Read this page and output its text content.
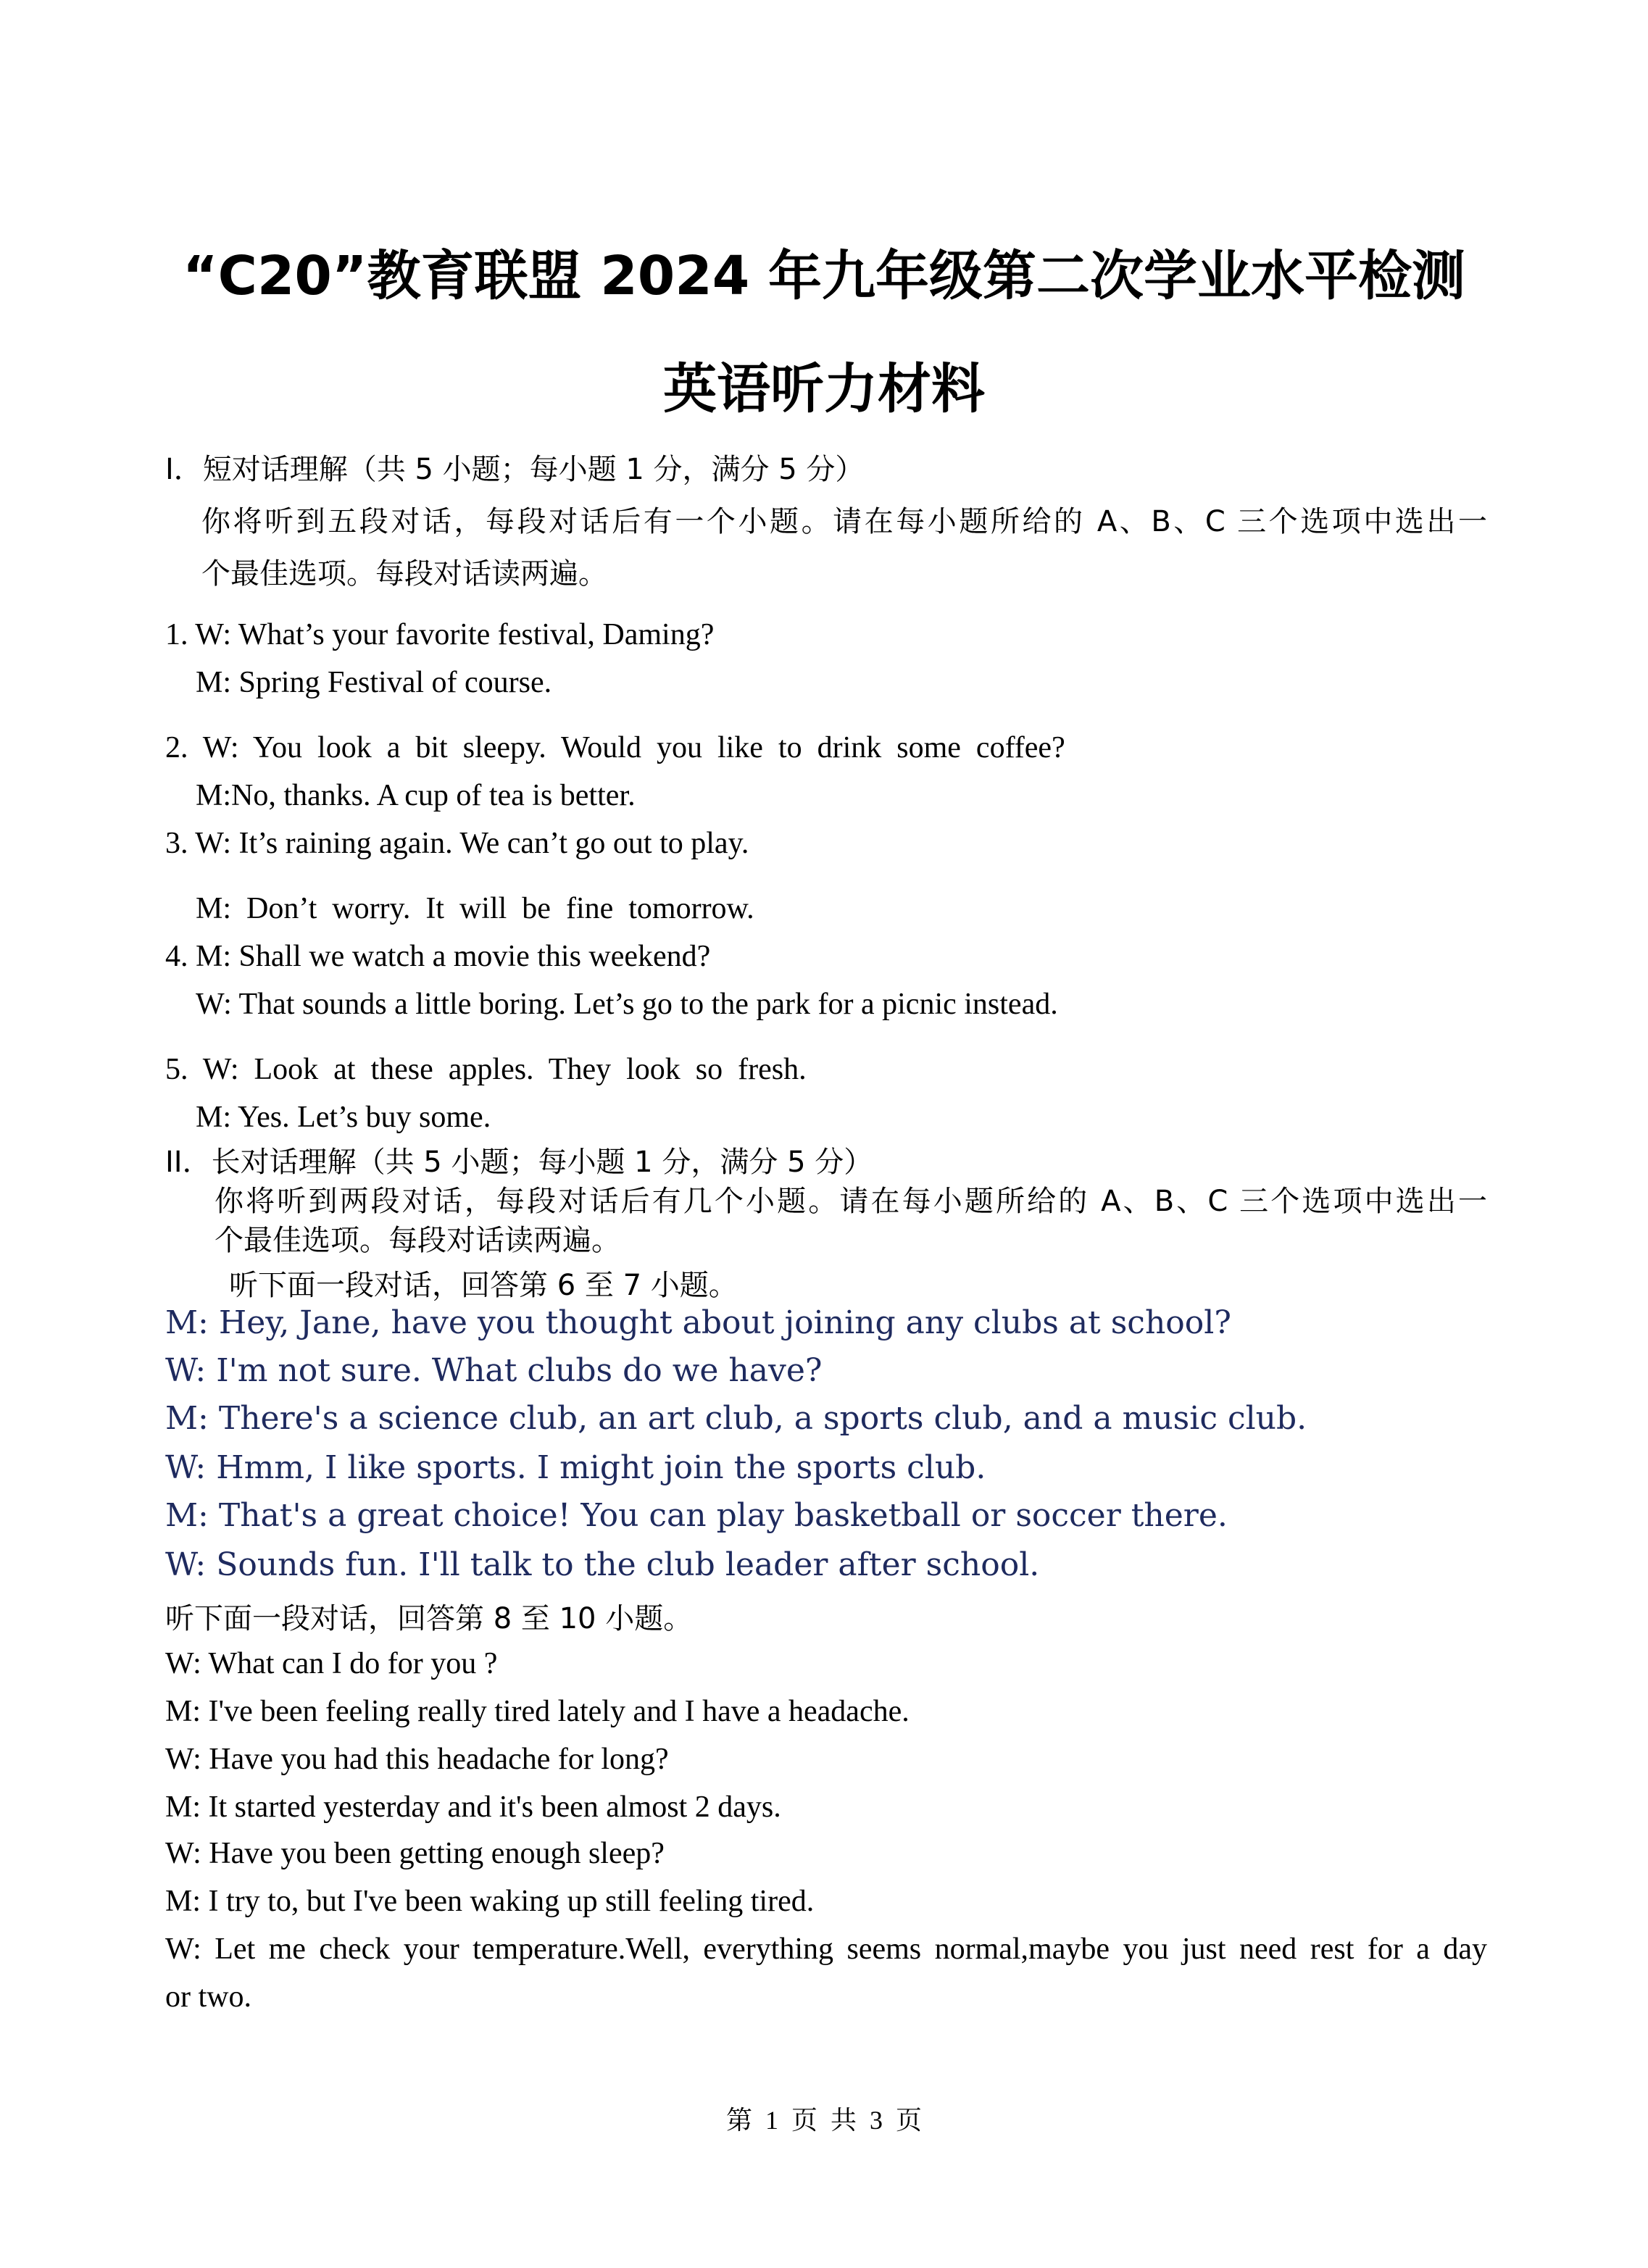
“C20”教育联盟 2024 年九年级第二次学业水平检测
英语听力材料
I．短对话理解（共 5 小题；每小题 1 分，满分 5 分）
你将听到五段对话，每段对话后有一个小题。请在每小题所给的 A、B、C 三个选项中选出一
个最佳选项。每段对话读两遍。
1. W: What’s your favorite festival, Daming?
M: Spring Festival of course.
2.  W:  You  look  a  bit  sleepy.  Would  you  like  to  drink  some  coffee?
M:No, thanks. A cup of tea is better.
3. W: It’s raining again. We can’t go out to play.
M:  Don’t  worry.  It  will  be  fine  tomorrow.
4. M: Shall we watch a movie this weekend?
W: That sounds a little boring. Let’s go to the park for a picnic instead.
5.  W:  Look  at  these  apples.  They  look  so  fresh.
M: Yes. Let’s buy some.
II．长对话理解（共 5 小题；每小题 1 分，满分 5 分）
你将听到两段对话，每段对话后有几个小题。请在每小题所给的 A、B、C 三个选项中选出一
个最佳选项。每段对话读两遍。
听下面一段对话，回答第 6 至 7 小题。
M: Hey, Jane, have you thought about joining any clubs at school?
W: I'm not sure. What clubs do we have?
M: There's a science club, an art club, a sports club, and a music club.
W: Hmm, I like sports. I might join the sports club.
M: That's a great choice! You can play basketball or soccer there.
W: Sounds fun. I'll talk to the club leader after school.
听下面一段对话，回答第 8 至 10 小题。
W: What can I do for you ?
M: I've been feeling really tired lately and I have a headache.
W: Have you had this headache for long?
M: It started yesterday and it's been almost 2 days.
W: Have you been getting enough sleep?
M: I try to, but I've been waking up still feeling tired.
W: Let me check your temperature.Well, everything seems normal,maybe you just need rest for a day
or two.
第  1  页  共  3  页
